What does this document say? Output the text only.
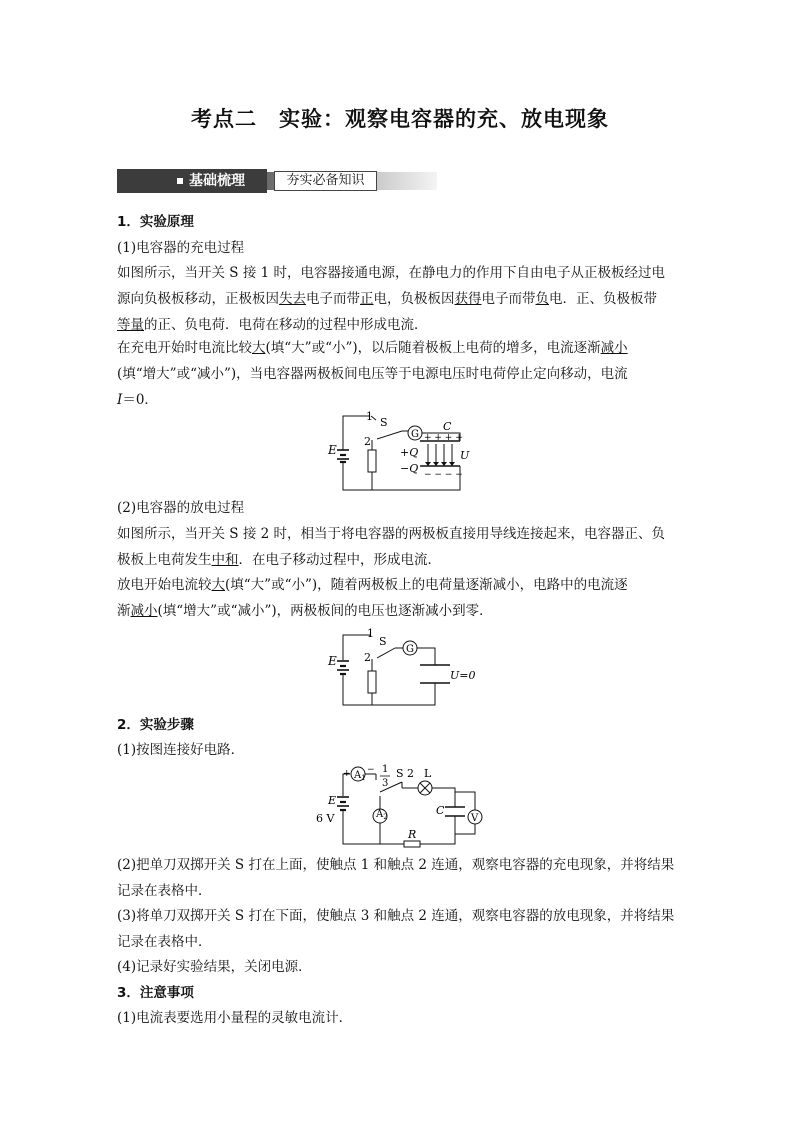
考点二　实验：观察电容器的充、放电现象
基础梳理	夯实必备知识

1．实验原理

(1)电容器的充电过程

如图所示，当开关 S 接 1 时，电容器接通电源，在静电力的作用下自由电子从正极板经过电
源向负极板移动，正极板因失去电子而带正电，负极板因获得电子而带负电．正、负极板带
等量的正、负电荷．电荷在移动的过程中形成电流．

在充电开始时电流比较大(填“大”或“小”)，以后随着极板上电荷的增多，电流逐渐减小
(填“增大”或“减小”)，当电容器两极板间电压等于电源电压时电荷停止定向移动，电流
I＝0．

E
1 S
2
G
C
+ + + +
− − − −
+Q
−Q
U

(2)电容器的放电过程

如图所示，当开关 S 接 2 时，相当于将电容器的两极板直接用导线连接起来，电容器正、负
极板上电荷发生中和．在电子移动过程中，形成电流．

放电开始电流较大(填“大”或“小”)，随着两极板上的电荷量逐渐减小，电路中的电流逐
渐减小(填“增大”或“减小”)，两极板间的电压也逐渐减小到零．

E
1
S
2
G
U=0

2．实验步骤

(1)按图连接好电路．

$A_1$
$A_2$
+ − 1
3
S 2 L
E
6 V
C
V
R

(2)把单刀双掷开关 S 打在上面，使触点 1 和触点 2 连通，观察电容器的充电现象，并将结果
记录在表格中．

(3)将单刀双掷开关 S 打在下面，使触点 3 和触点 2 连通，观察电容器的放电现象，并将结果
记录在表格中．

(4)记录好实验结果，关闭电源．

3．注意事项

(1)电流表要选用小量程的灵敏电流计．
